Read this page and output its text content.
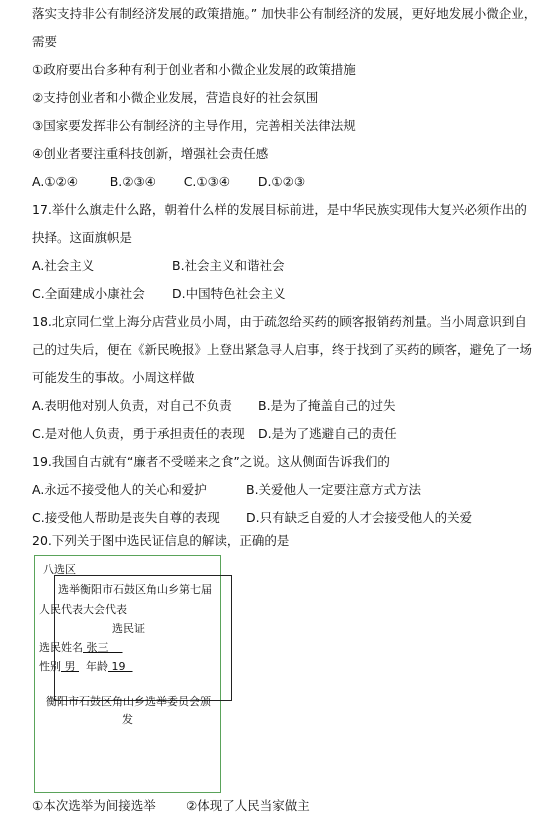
落实支持非公有制经济发展的政策措施。” 加快非公有制经济的发展，更好地发展小微企业，
需要
①政府要出台多种有利于创业者和小微企业发展的政策措施
②支持创业者和小微企业发展，营造良好的社会氛围
③国家要发挥非公有制经济的主导作用，完善相关法律法规
④创业者要注重科技创新，增强社会责任感
A.①②④        B.②③④       C.①③④       D.①②③
17.举什么旗走什么路，朝着什么样的发展目标前进，是中华民族实现伟大复兴必须作出的
抉择。这面旗帜是
A.社会主义	B.社会主义和谐社会
C.全面建成小康社会 D.中国特色社会主义
18.北京同仁堂上海分店营业员小周，由于疏忽给买药的顾客报销药剂量。当小周意识到自
己的过失后，便在《新民晚报》上登出紧急寻人启事，终于找到了买药的顾客，避免了一场
可能发生的事故。小周这样做
A.表明他对别人负责，对自己不负责 B.是为了掩盖自己的过失
C.是对他人负责，勇于承担责任的表现 D.是为了逃避自己的责任
19.我国自古就有“廉者不受嗟来之食”之说。这从侧面告诉我们的
A.永远不接受他人的关心和爱护	B.关爱他人一定要注意方式方法
C.接受他人帮助是丧失自尊的表现 D.只有缺乏自爱的人才会接受他人的关爱
20.下列关于图中选民证信息的解读，正确的是
八选区
选举衡阳市石鼓区角山乡第七届
人民代表大会代表
选民证
选民姓名 张三
性别 男 年龄 19
衡阳市石鼓区角山乡选举委员会颁
发
①本次选举为间接选举 ②体现了人民当家做主
